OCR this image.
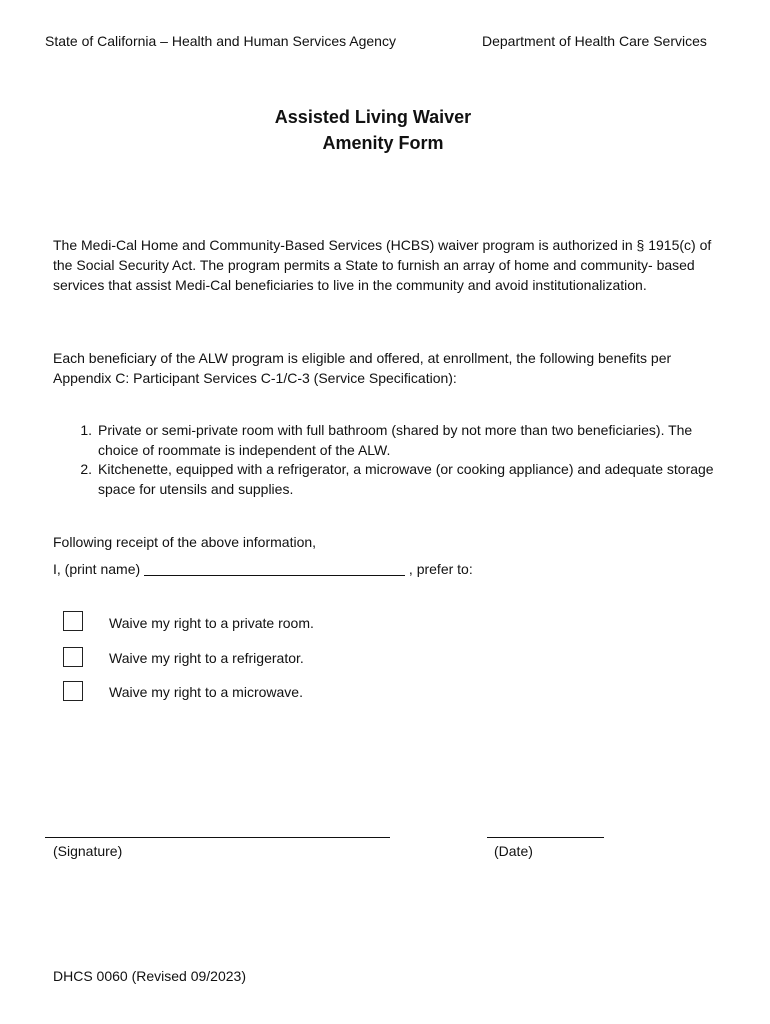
State of California – Health and Human Services Agency	Department of Health Care Services
Assisted Living Waiver
Amenity Form
The Medi-Cal Home and Community-Based Services (HCBS) waiver program is authorized in § 1915(c) of the Social Security Act. The program permits a State to furnish an array of home and community- based services that assist Medi-Cal beneficiaries to live in the community and avoid institutionalization.
Each beneficiary of the ALW program is eligible and offered, at enrollment, the following benefits per Appendix C: Participant Services C-1/C-3 (Service Specification):
1. Private or semi-private room with full bathroom (shared by not more than two beneficiaries). The choice of roommate is independent of the ALW.
2. Kitchenette, equipped with a refrigerator, a microwave (or cooking appliance) and adequate storage space for utensils and supplies.
Following receipt of the above information,
I, (print name)	, prefer to:
Waive my right to a private room.
Waive my right to a refrigerator.
Waive my right to a microwave.
(Signature)	(Date)
DHCS 0060 (Revised 09/2023)
